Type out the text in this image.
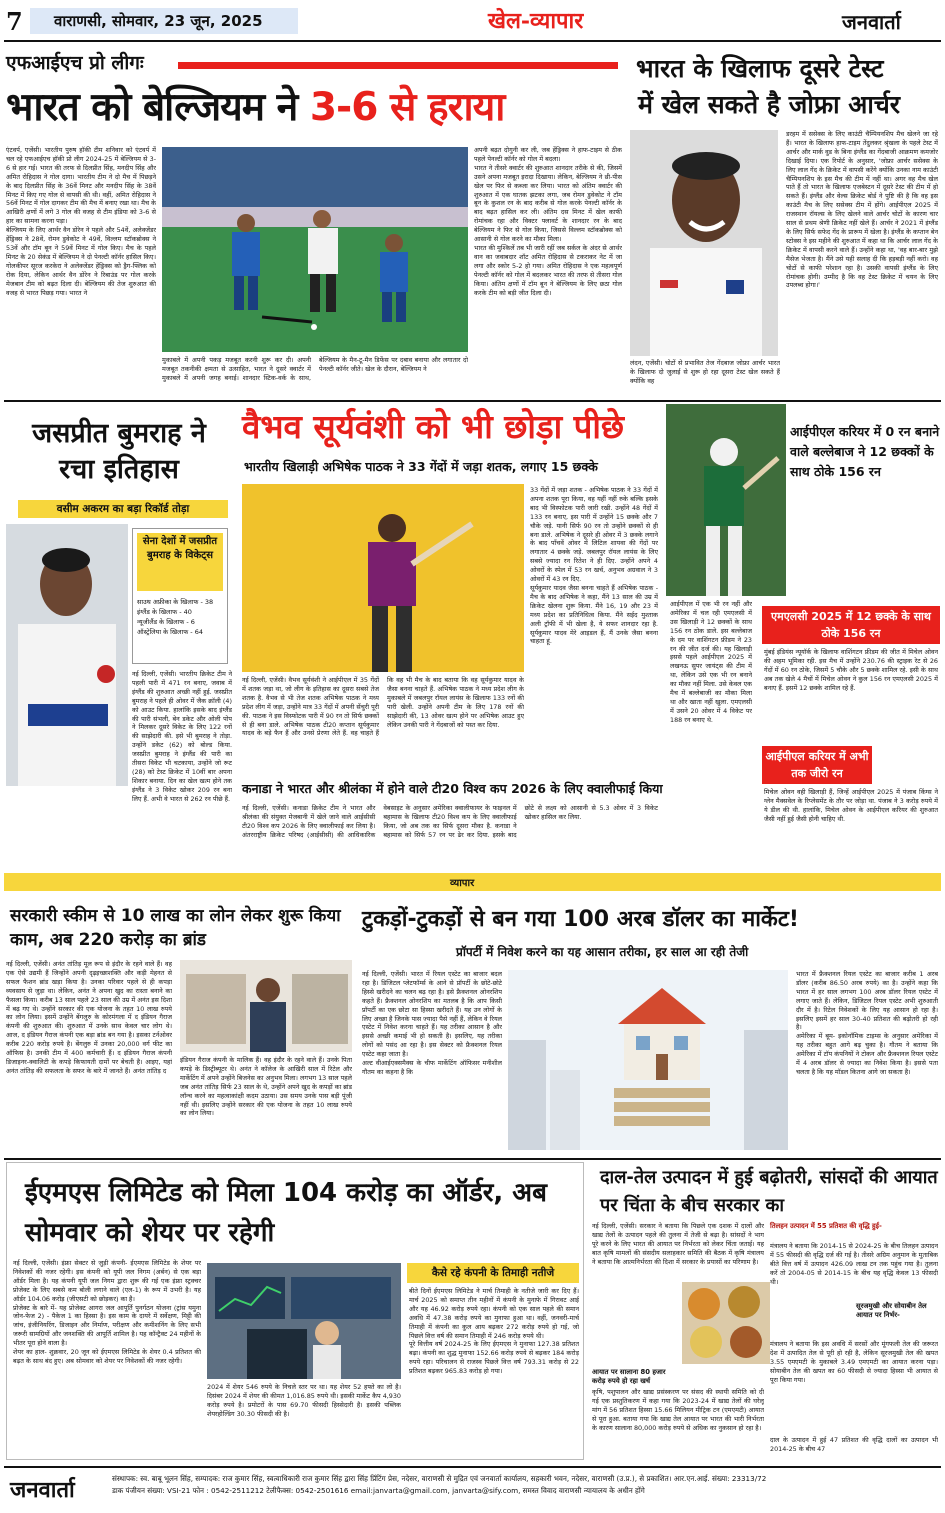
7 वाराणसी, सोमवार, 23 जून, 2025	खेल-व्यापार	जनवार्ता
एफआईएच प्रो लीगः
भारत को बेल्जियम ने 3-6 से हराया

एंटवर्प, एजेंसी। भारतीय पुरुष हॉकी टीम शनिवार को एंटवर्प में चल रहे एफआईएच हॉकी प्रो लीग 2024-25 में बेल्जियम से 3-6 से हार गई। भारत की तरफ से दिलप्रीत सिंह, मनदीप सिंह और अमित रोहिदास ने गोल दागा। भारतीय टीम ने दो मैच में पिछड़ने के बाद दिलप्रीत सिंह के 36वें मिनट और मनदीप सिंह के 38वें मिनट में किए गए गोल से वापसी की थी। वहीं, अमित रोहिदास ने 56वें मिनट में गोल दागकर टीम की मैच में बनाए रखा था। मैच के आखिरी क्षणों में लगे 3 गोल की वजह से टीम इंडिया को 3-6 से हार का सामना करना पड़ा।

बेल्जियम के लिए आर्थर वैन डोरेन ने पहले और 54वें, अलेक्जेंडर हेंड्रिक्स ने 28वें, रोमन डुवेकोट ने 49वें, विल्लम स्टॉकब्रोक्स ने 53वें और टॉम बून ने 59वें मिनट में गोल किए। मैच के पहले मिनट के 20 सेकंड में बेल्जियम ने दो पेनल्टी कॉर्नर हासिल किए। गोलकीपर सूरज करकेरा ने अलेक्जेंडर हेंड्रिक्स को ड्रैग-फ्लिक को रोक दिया, लेकिन आर्थर वैन डोरेन ने रिबाउंड पर गोल करके मेजबान टीम को बढ़त दिला दी। बेल्जियम की तेज शुरुआत की वजह से भारत पिछड़ गया। भारत ने

मुकाबले में अपनी पकड़ मजबूत करनी शुरू कर दी। अपनी मजबूत तकनीकी क्षमता से उत्साहित, भारत ने दूसरे क्वार्टर में मुकाबले में अपनी जगह बनाई। शानदार स्टिक-वर्क के साथ, बेल्जियम के मैन-टू-मैन डिफेंस पर दबाव बनाया और लगातार दो पेनल्टी कॉर्नर जीते। खेल के दौरान, बेल्जियम ने

अपनी बढ़त दोगुनी कर ली, जब हेंड्रिक्स ने हाफ-टाइम से ठीक पहले पेनल्टी कॉर्नर को गोल में बदला।

भारत ने तीसरे क्वार्टर की शुरुआत शानदार तरीके से की, जिसमें उसने अपना मजबूत इरादा दिखाया। लेकिन, बेल्जियम ने थ्री-पीस खेल पर फिर से कब्जा कर लिया। भारत को अंतिम क्वार्टर की शुरुआत में एक घातक झटका लगा, जब रोमन डुवेकोट ने टॉम बून के कुशल रन के बाद करीब से गोल करके पेनल्टी कॉर्नर के बाद बढ़त हासिल कर ली। अंतिम दस मिनट में खेल काफी रोमांचक रहा और विक्टर फ्लावर्ट के शानदार रन के बाद बेल्जियम ने फिर से गोल किया, जिससे विल्लम स्टॉकब्रोक्स को आसानी से गोल करने का मौका मिला।

भारत की मुश्किलें तब भी जारी रहीं जब सर्कल के अंदर से आर्थर वान का जवाबदार शॉट अमित रोहिदास से टकराकर नेट में जा लगा और स्कोर 5-2 हो गया। अमित रोहिदास ने एक महत्वपूर्ण पेनल्टी कॉर्नर को गोल में बदलकर भारत की तरफ से तीसरा गोल किया। अंतिम क्षणों में टॉम बून ने बेल्जियम के लिए छठा गोल करके टीम को बड़ी जीत दिला दी।

भारत के खिलाफ दूसरे टेस्ट
में खेल सकते है जोफ्रा आर्चर
लंदन, एजेंसी। चोटों से प्रभावित तेज गेंदबाज जोफ्रा आर्चर भारत के खिलाफ दो जुलाई से शुरू हो रहा दूसरा टेस्ट खेल सकते हैं क्योंकि वह
डरहम में ससेक्स के लिए काउंटी चैम्पियनशिप मैच खेलने जा रहे हैं। भारत के खिलाफ हाफ-टाइम तेंदुलकर श्रृंखला के पहले टेस्ट में आर्चर और मार्क वुड के बिना इंग्लैंड का गेंदबाजी आक्रमण कमजोर दिखाई दिया। एक रिपोर्ट के अनुसार, 'जोफ्रा आर्चर ससेक्स के लिए लाल गेंद के क्रिकेट में वापसी करेंगे क्योंकि उनका नाम काउंटी चैम्पियनशिप के इस मैच की टीम में नहीं था। अगर वह मैच खेल पाते हैं तो भारत के खिलाफ एजबेस्टन में दूसरे टेस्ट की टीम में हो सकते हैं। इंग्लैंड और वेल्स क्रिकेट बोर्ड ने पुष्टि की है कि वह इस काउंटी मैच के लिए ससेक्स टीम में होंगे। आईपीएल 2025 में राजस्थान रॉयल्स के लिए खेलने वाले आर्चर चोटों के कारण चार साल से प्रथम श्रेणी क्रिकेट नहीं खेले हैं। आर्चर ने 2021 में इंग्लैंड के लिए सिर्फ सफेद गेंद के प्रारूप में खेला है। इंग्लैंड के कप्तान बेन स्टोक्स ने इस महीने की शुरुआत में कहा था कि आर्चर लाल गेंद के क्रिकेट में वापसी करने वाले हैं। उन्होंने कहा था, 'वह बार-बार मुझे मैसेज भेजता है। मैंने उसे यही सलाह दी कि हड़बड़ी नहीं करो। वह चोटों से काफी परेशान रहा है। उसकी वापसी इंग्लैंड के लिए रोमांचक होगी। उम्मीद है कि वह टेस्ट क्रिकेट में चयन के लिए उपलब्ध होगा।'
जसप्रीत बुमराह ने रचा इतिहास
वसीम अकरम का बड़ा रिकॉर्ड तोड़ा
सेना देशों में जसप्रीत बुमराह के विकेट्स
साउथ अफ्रीका के खिलाफ - 38
इंग्लैंड के खिलाफ - 40
न्यूजीलैंड के खिलाफ - 6
ऑस्ट्रेलिया के खिलाफ - 64
नई दिल्ली, एजेंसी। भारतीय क्रिकेट टीम ने पहली पारी में 471 रन बनाए, जवाब में इंग्लैंड की शुरुआत अच्छी नहीं हुई. जसप्रीत बुमराह ने पहले ही ओवर में जैक क्रॉली (4) को आउट किया. हालांकि इसके बाद इंग्लैंड की पारी संभली, बेन डकेट और ओली पोप ने मिलकर दूसरे विकेट के लिए 122 रनों की साझेदारी की. इसे भी बुमराह ने तोड़ा. उन्होंने डकेट (62) को बोल्ड किया. जसप्रीत बुमराह ने इंग्लैंड की पारी का तीसरा विकेट भी चटकाया, उन्होंने जो रूट (28) को टेस्ट क्रिकेट में 10वीं बार अपना शिकार बनाया. दिन का खेल खत्म होने तक इंग्लैंड ने 3 विकेट खोकर 209 रन बना लिए हैं. अभी वे भारत से 262 रन पीछे हैं.
वैभव सूर्यवंशी को भी छोड़ा पीछे
भारतीय खिलाड़ी अभिषेक पाठक ने 33 गेंदों में जड़ा शतक, लगाए 15 छक्के

33 गेंदों में जड़ा शतक - अभिषेक पाठक ने 33 गेंदों में अपना शतक पूरा किया, वह यहीं नहीं रुके बल्कि इसके बाद भी विस्फोटक पारी जारी रखी. उन्होंने 48 गेंदों में 133 रन बनाए, इस पारी में उन्होंने 15 छक्के और 7 चौके जड़े. यानी सिर्फ 90 रन तो उन्होंने छक्कों से ही बना डाले. अभिषेक ने दूसरे ही ओवर में 3 छक्के लगाने के बाद पाँचवें ओवर में लिटिल शायवा की गेंदों पर लगातार 4 छक्के जड़े. जबलपुर रॉयल लायंस के लिए सबसे ज्यादा रन रितेश ने ही दिए. उन्होंने अपने 4 ओवरों के स्पेल में 53 रन खर्च, अनुभव अग्रवाल ने 3 ओवरों में 43 रन दिए.

सूर्यकुमार यादव जैसा बनना चाहते हैं अभिषेक पाठक - मैच के बाद अभिषेक ने कहा, मैंने 13 साल की उम्र में क्रिकेट खेलना शुरू किया. मैंने 16, 19 और 23 में मध्य प्रदेश का प्रतिनिधित्व किया. मैंने सईद मुश्ताक अली ट्रॉफी में भी खेला है, ये सफर शानदार रहा है. सूर्यकुमार यादव मेरे आइडल हैं, मैं उनके जैसा बनना चाहता हूं.

नई दिल्ली, एजेंसी। वैभव सूर्यवंशी ने आईपीएल में 35 गेंदों में शतक जड़ा था, जो लीग के इतिहास का दूसरा सबसे तेज शतक है. वैभव से भी तेज शतक अभिषेक पाठक ने मध्य प्रदेश लीग में जड़ा, उन्होंने मात्र 33 गेंदों में अपनी सेंचुरी पूरी की. पाठक ने इस विस्फोटक पारी में 90 रन तो सिर्फ छक्कों से ही बना डाले. अभिषेक पाठक टी20 कप्तान सूर्यकुमार यादव के बड़े फैन हैं और उनसे प्रेरणा लेते हैं. वह चाहते हैं कि वह भी मैच के बाद बताया कि वह सूर्यकुमार यादव के जैसा बनना चाहते हैं. अभिषेक पाठक ने मध्य प्रदेश लीग के मुकाबले में जबलपुर रॉयल लायंस के खिलाफ 133 रनों की पारी खेली. उन्होंने अपनी टीम के लिए 178 रनों की साझेदारी की, 13 ओवर खत्म होने पर अभिषेक आउट हुए लेकिन उनकी पारी ने गेंदबाजों को पस्त कर दिया.
कनाडा ने भारत और श्रीलंका में होने वाले टी20 विश्व कप 2026 के लिए क्वालीफाई किया
नई दिल्ली, एजेंसी। कनाडा क्रिकेट टीम ने भारत और श्रीलंका की संयुक्त मेजबानी में खेले जाने वाले आईसीसी टी20 विश्व कप 2026 के लिए क्वालीफाई कर लिया है। अंतरराष्ट्रीय क्रिकेट परिषद (आईसीसी) की आधिकारिक वेबसाइट के अनुसार अमेरिका क्वालीफायर के फाइनल में बहामास के खिलाफ टी20 विश्व कप के लिए क्वालीफाई किया, जो अब तक का सिर्फ दूसरा मौका है. कनाडा ने बहामास को सिर्फ 57 रन पर ढेर कर दिया. इसके बाद छोटे से लक्ष्य को आसानी से 5.3 ओवर में 3 विकेट खोकर हासिल कर लिया.
आईपीएल करियर में 0 रन बनाने वाले बल्लेबाज ने 12 छक्कों के साथ ठोके 156 रन
आईपीएल में एक भी रन नहीं और अमेरिका में चल रही एमएलसी में उस खिलाड़ी ने 12 छक्कों के साथ 156 रन ठोक डाले. इस बल्लेबाज के दम पर वाशिंगटन फ्रीडम ने 23 रन की जीत दर्ज की। यह खिलाड़ी इससे पहले आईपीएल 2025 में लखनऊ सुपर जायंट्स की टीम में था, लेकिन उसे एक भी रन बनाने का मौका नहीं मिला. उसे केवल एक मैच में बल्लेबाजी का मौका मिला था और खाता नहीं खुला. एमएलसी में उसने 20 ओवर में 4 विकेट पर 188 रन बनाए थे.
एमएलसी 2025 में 12 छक्के के साथ ठोके 156 रन
मुंबई इंडियंस न्यूयॉर्क के खिलाफ वाशिंगटन फ्रीडम की जीत में मिचेल ओवन की अहम भूमिका रही. इस मैच में उन्होंने 230.76 की स्ट्राइक रेट से 26 गेंदों में 60 रन ठोके, जिसमें 5 चौके और 5 छक्के शामिल रहे. इसी के साथ अब तक खेले 4 मैचों में मिचेल ओवन ने कुल 156 रन एमएलसी 2025 में बनाए हैं. इसमें 12 छक्के शामिल रहे हैं.
आईपीएल करियर में अभी तक जीरो रन
मिचेल ओवन वही खिलाड़ी हैं, जिन्हें आईपीएल 2025 में पंजाब किंग्स ने ग्लेन मैक्सवेल के रिप्लेसमेंट के तौर पर जोड़ा था. पंजाब ने 3 करोड़ रुपये में ये डील की थी. हालांकि, मिचेल ओवन के आईपीएल करियर की शुरुआत जैसी नहीं हुई जैसी होनी चाहिए थी.
व्यापार
सरकारी स्कीम से 10 लाख का लोन लेकर शुरू किया काम, अब 220 करोड़ का ब्रांड
नई दिल्ली, एजेंसी। अनंत तांतिड़ मूल रूप से इंदौर के रहने वाले हैं। वह एक ऐसे उद्यमी हैं जिन्होंने अपनी दृढ़इच्छाशक्ति और कड़ी मेहनत से सफल फैशन ब्रांड खड़ा किया है। उनका परिवार पहले से ही कपड़ा व्यवसाय से जुड़ा था। लेकिन, अनंत ने अपना खुद का रास्ता बनाने का फैसला किया। करीब 13 साल पहले 23 साल की उम्र में अनंत इस दिशा में बढ़ गए थे। उन्होंने सरकार की एक योजना के तहत 10 लाख रुपये का लोन लिया। इसमें उन्होंने बेंगलुरु के कोरमंगला में द इंडियन गैराज कंपनी की शुरुआत की। शुरुआत में उनके साथ केवल चार लोग थे। आज, द इंडियन गैराज कंपनी एक बड़ा ब्रांड बन गया है। इसका टर्नओवर करीब 220 करोड़ रुपये है। बेंगलुरु में उनका 20,000 वर्ग फीट का ऑफिस है। उनकी टीम में 400 कर्मचारी हैं। द इंडियन गैराज कंपनी डिजाइनर-क्वालिटी के कपड़े किफायती दामों पर बेचती है। आइए, यहां अनंत तांतिड़ की सफलता के सफर के बारे में जानते हैं। अनंत तांतिड़ द
इंडियन गैराज कंपनी के मालिक हैं। वह इंदौर के रहने वाले हैं। उनके पिता कपड़े के डिस्ट्रीब्यूटर थे। अनंत ने कॉलेज के आखिरी साल में रिटेल और मार्केटिंग में अपने उन्होंने बिजनेस का अनुभव मिला। लगभग 13 साल पहले जब अनंत तांतिड़ सिर्फ 23 साल के थे, उन्होंने अपने खुद के कपड़ों का ब्रांड लॉन्च करने का महत्वाकांक्षी कदम उठाया। उस समय उनके पास बड़ी पूंजी नहीं थी। इसलिए उन्होंने सरकार की एक योजना के तहत 10 लाख रुपये का लोन लिया।
टुकड़ों-टुकड़ों से बन गया 100 अरब डॉलर का मार्केट!
प्रॉपर्टी में निवेश करने का यह आसान तरीका, हर साल आ रही तेजी

नई दिल्ली, एजेंसी। भारत में रियल एस्टेट का बाजार बदल रहा है। डिजिटल प्लेटफॉर्म्स के आने से प्रॉपर्टी के छोटे-छोटे हिस्से खरीदने का चलन बढ़ रहा है। इसे फ्रैक्शनल ओनरशिप कहते हैं। फ्रैक्शनल ओनरशिप का मतलब है कि आप किसी प्रॉपर्टी का एक छोटा सा हिस्सा खरीदते हैं। यह उन लोगों के लिए अच्छा है जिनके पास ज्यादा पैसे नहीं हैं, लेकिन वे रियल एस्टेट में निवेश करना चाहते हैं। यह तरीका आसान है और इससे अच्छी कमाई भी हो सकती है। इसलिए, यह तरीका लोगों को पसंद आ रहा है। इस सेक्टर को फ्रैक्शनल रियल एस्टेट कहा जाता है।

अल्ट वीआईएक्समैक्स के चीफ मार्केटिंग ऑफिसर मनीशील गौतम का कहना है कि

भारत में फ्रैक्शनल रियल एस्टेट का बाजार करीब 1 अरब डॉलर (करीब 86.50 अरब रुपये) का है। उन्होंने कहा कि भारत में हर साल लगभग 100 अरब डॉलर रियल एस्टेट में लगाए जाते हैं। लेकिन, डिजिटल रियल एस्टेट अभी शुरुआती दौर में है। रिटेल निवेशकों के लिए यह आसान हो रहा है। इसलिए इसमें हर साल 30-40 प्रतिशत की बढ़ोतरी हो रही है।

अमेरिका में बूम- इकोनॉमिक टाइम्स के अनुसार अमेरिका में यह तरीका बहुत आगे बढ़ चुका है। गौतम ने बताया कि अमेरिका में टॉप कंपनियों ने टोकन और फ्रैक्शनल रियल एस्टेट में 4 अरब डॉलर से ज्यादा का निवेश किया है। इससे पता चलता है कि यह मॉडल कितना आगे जा सकता है।

ईएमएस लिमिटेड को मिला 104 करोड़ का ऑर्डर, अब सोमवार को शेयर पर रहेगी

नई दिल्ली, एजेंसी। इंफ्रा सेक्टर से जुड़ी कंपनी- ईएमएस लिमिटेड के शेयर पर निवेशकों की नजर रहेगी। इस कंपनी को यूपी जल निगम (अर्बन) से एक बड़ा ऑर्डर मिला है। यह कंपनी यूपी जल निगम द्वारा शुरू की गई एक इंफ्रा स्ट्रक्चर प्रोजेक्ट के लिए सबसे कम बोली लगाने वाले (एल-1) के रूप में उभरी है। यह ऑर्डर 104.06 करोड़ (जीएसटी को छोड़कर) का है।

प्रोजेक्ट के बारे में- यह प्रोजेक्ट आगरा जल आपूर्ति पुनर्गठन योजना (ट्रांस यमुना जोन-फेज 2) - पैकेज 1 का हिस्सा है। इस काम के दायरे में सर्वेक्षण, मिट्टी की जांच, इंजीनियरिंग, डिजाइन और निर्माण, परीक्षण और कमीशनिंग के लिए सभी जरूरी सामग्रियों और जनशक्ति की आपूर्ति शामिल है। यह कॉन्ट्रैक्ट 24 महीनों के भीतर पूरा होने वाला है।

शेयर का हाल- शुक्रवार, 20 जून को ईएमएस लिमिटेड के शेयर 0.4 प्रतिशत की बढ़त के साथ बंद हुए। अब सोमवार को शेयर पर निवेशकों की नजर रहेगी।

2024 में शेयर 546 रुपये के निचले स्तर पर था। यह शेयर 52 हफ्ते का लो है। दिसंबर 2024 में शेयर की कीमत 1,016.85 रुपये थी। इसकी मार्केट कैप 4,930 करोड़ रुपये है। प्रमोटरों के पास 69.70 फीसदी हिस्सेदारी है। इसकी पब्लिक शेयरहोल्डिंग 30.30 फीसदी की है।
कैसे रहे कंपनी के तिमाही नतीजे

बीते दिनों ईएमएस लिमिटेड ने मार्च तिमाही के नतीजे जारी कर दिए हैं। मार्च 2025 को समाप्त तीन महीनों में कंपनी के मुनाफे में गिरावट आई और यह 46.92 करोड़ रुपये रहा। कंपनी को एक साल पहले की समान अवधि में 47.38 करोड़ रुपये का मुनाफा हुआ था। वहीं, जनवरी-मार्च तिमाही में कंपनी का कुल आय बढ़कर 272 करोड़ रुपये हो गई, जो पिछले वित्त वर्ष की समान तिमाही में 246 करोड़ रुपये थी।

पूरे वित्तीय वर्ष 2024-25 के लिए ईएमएस ने मुनाफा 127.38 प्रतिशत बढ़ा। कंपनी का शुद्ध मुनाफा 152.66 करोड़ रुपये से बढ़कर 184 करोड़ रुपये रहा। परिचालन से राजस्व पिछले वित्त वर्ष 793.31 करोड़ से 22 प्रतिशत बढ़कर 965.83 करोड़ हो गया।

दाल-तेल उत्पादन में हुई बढ़ोतरी, सांसदों की आयात पर चिंता के बीच सरकार का

नई दिल्ली, एजेंसी। सरकार ने बताया कि पिछले एक दशक में दालों और खाद्य तेलों के उत्पादन पहले की तुलना में तेजी से बढ़ा है। सांसदों ने भाग पूरे करने के लिए भारत की आयात पर निर्भरता को लेकर चिंता जताई। यह बात कृषि मामलों की संसदीय सलाहकार समिति की बैठक में कृषि मंत्रालय ने बताया कि आत्मनिर्भरता की दिशा में सरकार के प्रयासों का परिणाम है।

आयात पर सालाना 80 हजार करोड़ रुपये हो रहा खर्च
कृषि, पशुपालन और खाद्य प्रसंस्करण पर संसद की स्थायी समिति को दी गई एक प्रस्तुतिकरण में कहा गया कि 2023-24 में खाद्य तेलों की घरेलू मांग में 56 प्रतिशत हिस्सा 15.66 मिलियन मीट्रिक टन (एमएमटी) आयात से पूरा हुआ. बताया गया कि खाद्य तेल आयात पर भारत की भारी निर्भरता के कारण सालाना 80,000 करोड़ रुपये से अधिक का नुकसान हो रहा है।
तिलहन उत्पादन में 55 प्रतिशत की वृद्धि हुई-
मंत्रालय ने बताया कि 2014-15 से 2024-25 के बीच तिलहन उत्पादन में 55 फीसदी की वृद्धि दर्ज की गई है। तीसरे अग्रिम अनुमान के मुताबिक बीते वित्त वर्ष में उत्पादन 426.09 लाख टन तक पहुंच गया है। तुलना करें तो 2004-05 से 2014-15 के बीच यह वृद्धि केवल 13 फीसदी थी।
सूरजमुखी और सोयाबीन तेल आयात पर निर्भर-
मंत्रालय ने बताया कि इस अवधि में सरसों और मूंगफली तेल की जरूरत देश में उत्पादित तेल से पूरी हो रही है, लेकिन सूरजमुखी तेल की खपत 3.55 एमएमटी के मुकाबले 3.49 एमएमटी का आयात करना पड़ा। सोयाबीन तेल की खपत का 60 फीसदी से ज्यादा हिस्सा भी आयात से पूरा किया गया।
दाल के उत्पादन में हुई 47 प्रतिशत की वृद्धि दालों का उत्पादन भी 2014-25 के बीच 47
जनवार्ता	संस्थापक: स्व. बाबू भूलन सिंह, सम्पादक: राज कुमार सिंह, स्वत्वाधिकारी राज कुमार सिंह द्वारा सिंह प्रिंटिंग प्रेस, नदेसर, वाराणसी से मुद्रित एवं जनवार्ता कार्यालय, सहकारी भवन, नदेसर, वाराणसी (उ.प्र.), से प्रकाशित। आर.एन.आई. संख्या: 23313/72
डाक पंजीयन संख्या: VSI-21 फोन : 0542-2511212 टेलीफैक्स: 0542-2501616 email:janvarta@gmail.com, janvarta@sify.com, समस्त विवाद वाराणसी न्यायालय के अधीन होंगे
